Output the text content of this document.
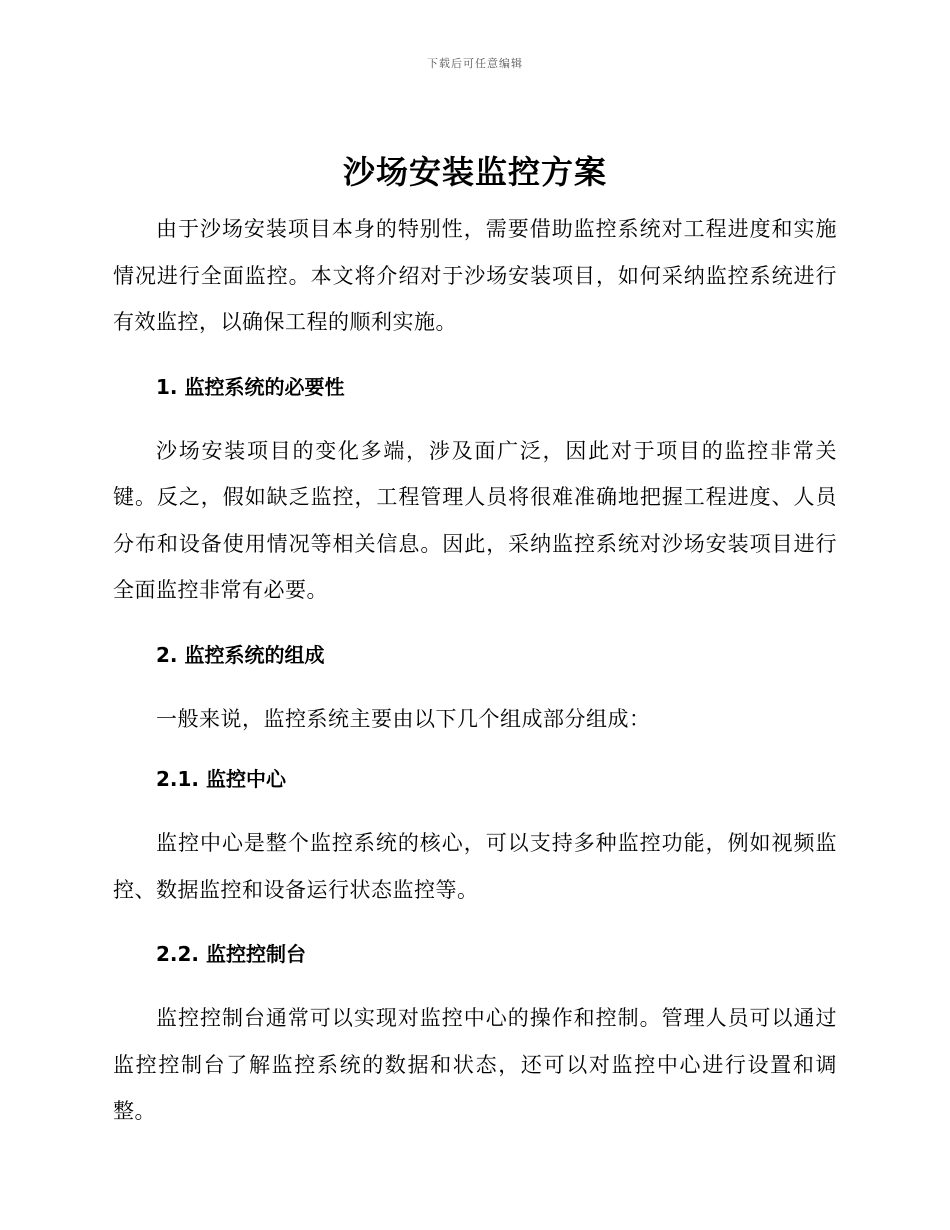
下载后可任意编辑
沙场安装监控方案

由于沙场安装项目本身的特别性，需要借助监控系统对工程进度和实施情况进行全面监控。本文将介绍对于沙场安装项目，如何采纳监控系统进行有效监控，以确保工程的顺利实施。

1. 监控系统的必要性

沙场安装项目的变化多端，涉及面广泛，因此对于项目的监控非常关键。反之，假如缺乏监控，工程管理人员将很难准确地把握工程进度、人员分布和设备使用情况等相关信息。因此，采纳监控系统对沙场安装项目进行全面监控非常有必要。

2. 监控系统的组成

一般来说，监控系统主要由以下几个组成部分组成：

2.1. 监控中心

监控中心是整个监控系统的核心，可以支持多种监控功能，例如视频监控、数据监控和设备运行状态监控等。

2.2. 监控控制台

监控控制台通常可以实现对监控中心的操作和控制。管理人员可以通过监控控制台了解监控系统的数据和状态，还可以对监控中心进行设置和调整。
